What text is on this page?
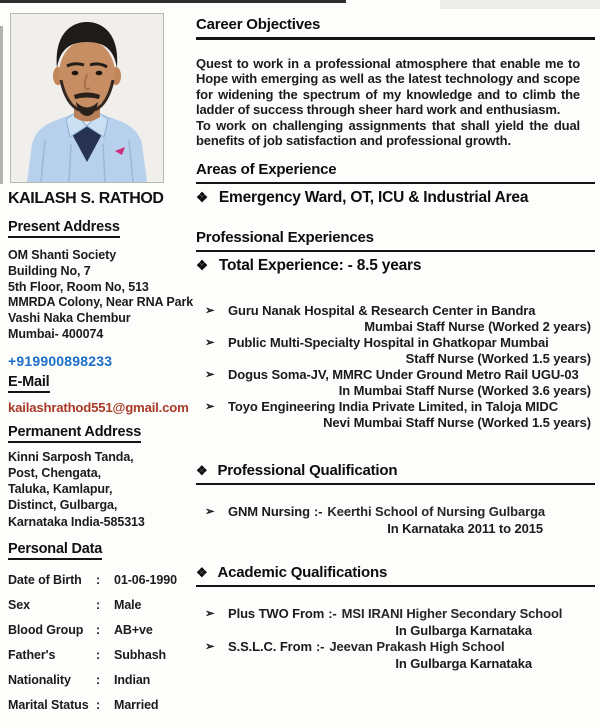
KAILASH S. RATHOD
Present Address
OM Shanti Society
Building No, 7
5th Floor, Room No, 513
MMRDA Colony, Near RNA Park
Vashi Naka Chembur
Mumbai- 400074
+919900898233
E-Mail
kailashrathod551@gmail.com
Permanent Address
Kinni Sarposh Tanda,
Post, Chengata,
Taluka, Kamlapur,
Distinct, Gulbarga,
Karnataka India-585313
Personal Data
Date of Birth	:	01-06-1990
Sex	:	Male
Blood Group	:	AB+ve
Father's	:	Subhash
Nationality	:	Indian
Marital Status :	Married
Career Objectives

Quest to work in a professional atmosphere that enable me to Hope with emerging as well as the latest technology and scope for widening the spectrum of my knowledge and to climb the ladder of success through sheer hard work and enthusiasm.

To work on challenging assignments that shall yield the dual benefits of job satisfaction and professional growth.

Areas of Experience
❖ Emergency Ward, OT, ICU & Industrial Area
Professional Experiences
❖ Total Experience: - 8.5 years
➢	Guru Nanak Hospital & Research Center in Bandra
Mumbai Staff Nurse (Worked 2 years)
➢	Public Multi-Specialty Hospital in Ghatkopar Mumbai
Staff Nurse (Worked 1.5 years)
➢	Dogus Soma-JV, MMRC Under Ground Metro Rail UGU-03
In Mumbai Staff Nurse (Worked 3.6 years)
➢	Toyo Engineering India Private Limited, in Taloja MIDC
Nevi Mumbai Staff Nurse (Worked 1.5 years)
❖ Professional Qualification
➢	GNM Nursing :- Keerthi School of Nursing Gulbarga
In Karnataka 2011 to 2015
❖ Academic Qualifications
➢	Plus TWO From :- MSI IRANI Higher Secondary School
In Gulbarga Karnataka
➢	S.S.L.C. From :- Jeevan Prakash High School
In Gulbarga Karnataka
